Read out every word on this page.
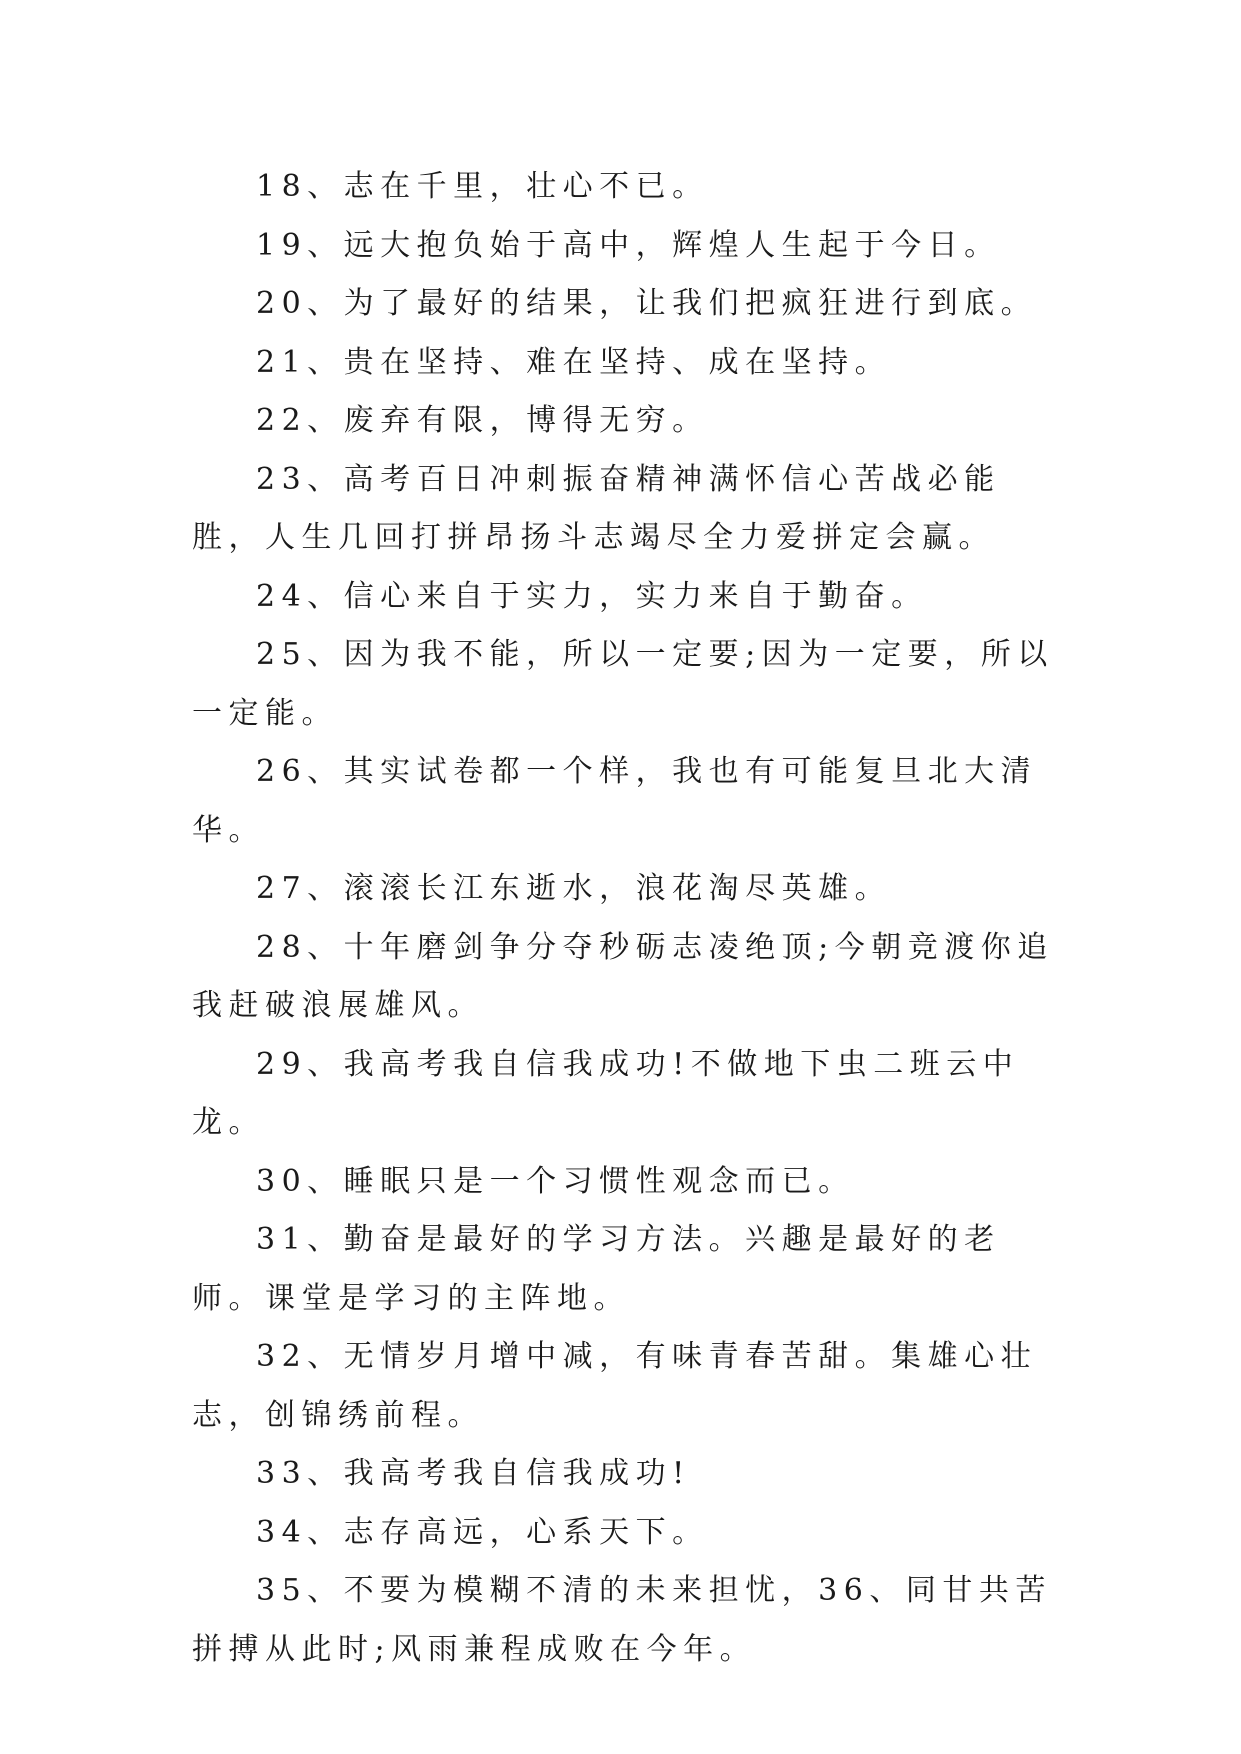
18、志在千里，壮心不已。

19、远大抱负始于高中，辉煌人生起于今日。

20、为了最好的结果，让我们把疯狂进行到底。

21、贵在坚持、难在坚持、成在坚持。

22、废弃有限，博得无穷。

23、高考百日冲刺振奋精神满怀信心苦战必能胜，人生几回打拼昂扬斗志竭尽全力爱拼定会赢。

24、信心来自于实力，实力来自于勤奋。

25、因为我不能，所以一定要;因为一定要，所以一定能。

26、其实试卷都一个样，我也有可能复旦北大清华。

27、滚滚长江东逝水，浪花淘尽英雄。

28、十年磨剑争分夺秒砺志凌绝顶;今朝竞渡你追我赶破浪展雄风。

29、我高考我自信我成功!不做地下虫二班云中龙。

30、睡眠只是一个习惯性观念而已。

31、勤奋是最好的学习方法。兴趣是最好的老师。课堂是学习的主阵地。

32、无情岁月增中减，有味青春苦甜。集雄心壮志，创锦绣前程。

33、我高考我自信我成功!

34、志存高远，心系天下。

35、不要为模糊不清的未来担忧，36、同甘共苦拼搏从此时;风雨兼程成败在今年。
